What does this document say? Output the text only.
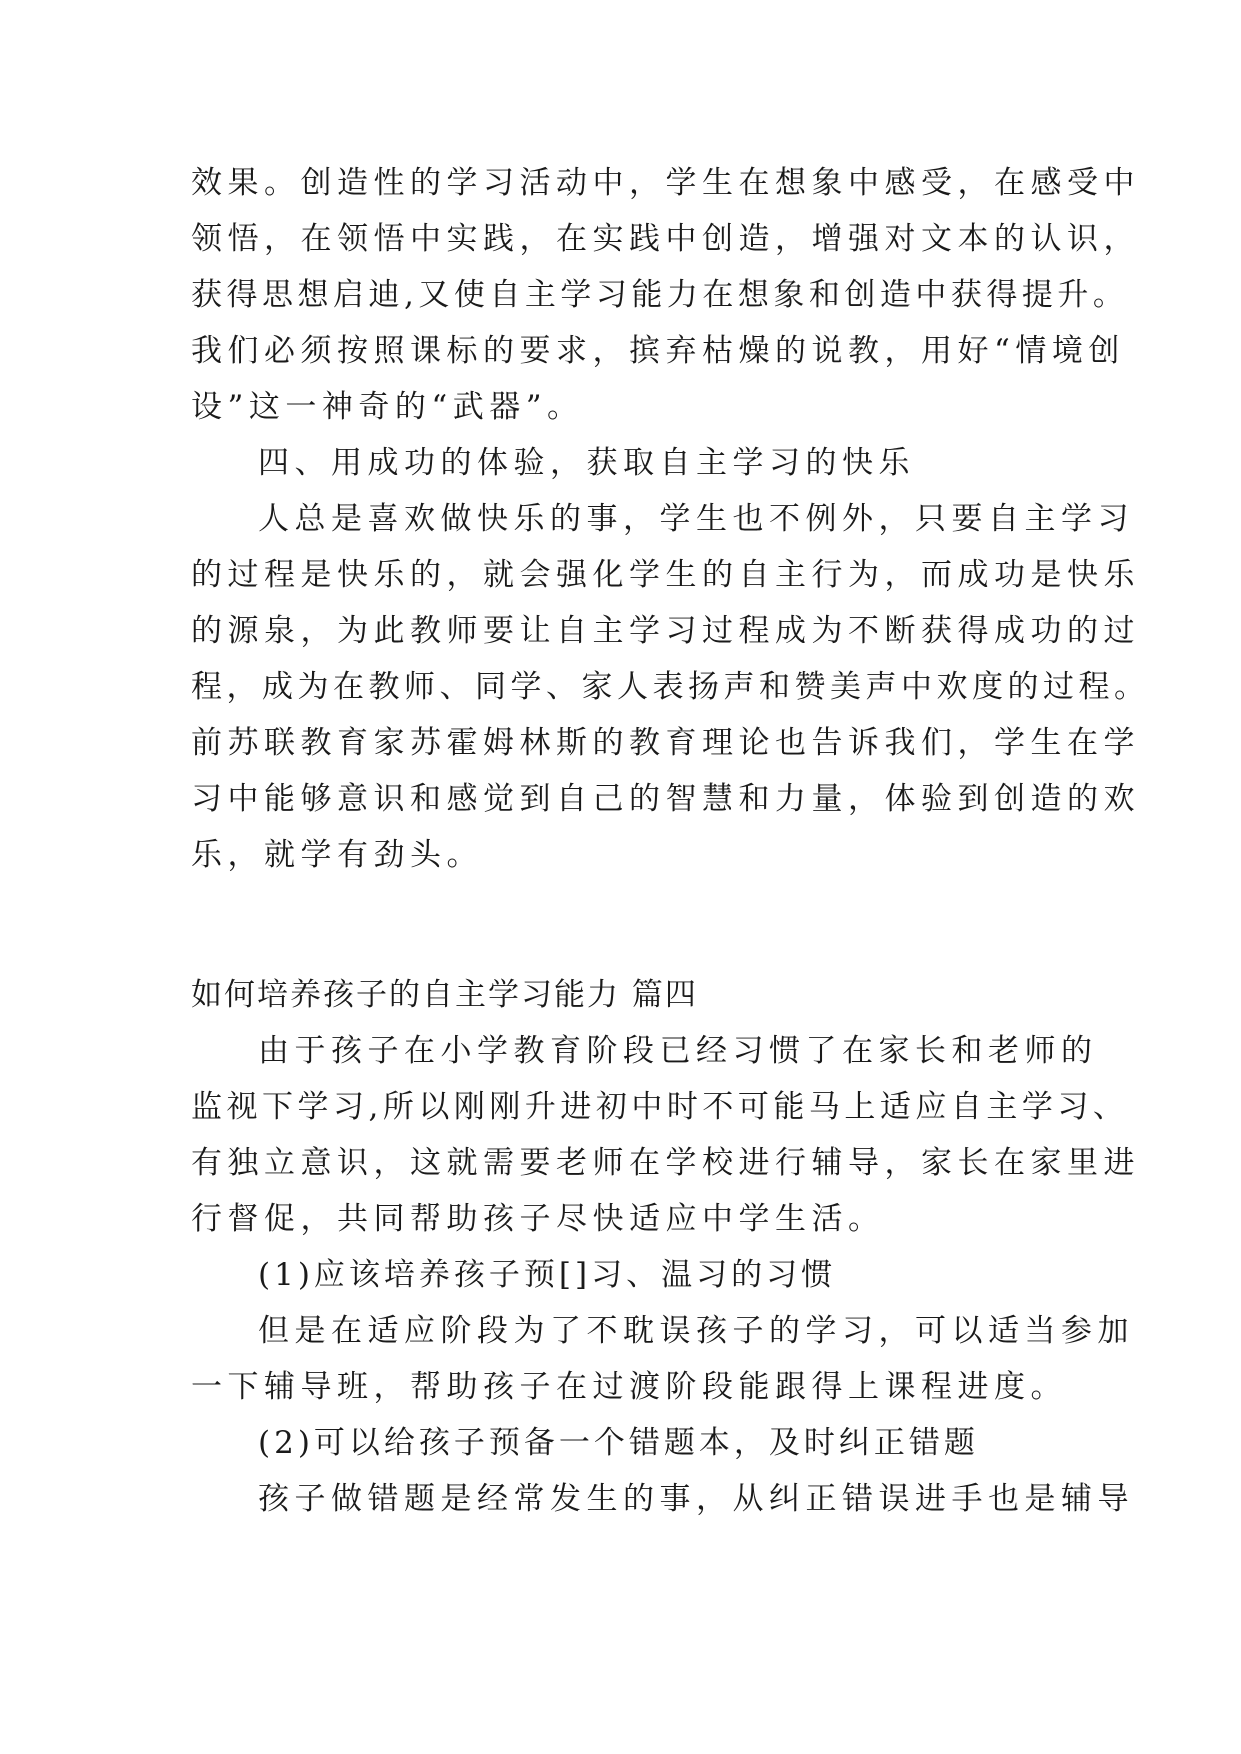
效果。创造性的学习活动中，学生在想象中感受，在感受中
领悟，在领悟中实践，在实践中创造，增强对文本的认识，
获得思想启迪,又使自主学习能力在想象和创造中获得提升。
我们必须按照课标的要求，摈弃枯燥的说教，用好“情境创
设”这一神奇的“武器”。
四、用成功的体验，获取自主学习的快乐
人总是喜欢做快乐的事，学生也不例外，只要自主学习
的过程是快乐的，就会强化学生的自主行为，而成功是快乐
的源泉，为此教师要让自主学习过程成为不断获得成功的过
程，成为在教师、同学、家人表扬声和赞美声中欢度的过程。
前苏联教育家苏霍姆林斯的教育理论也告诉我们，学生在学
习中能够意识和感觉到自己的智慧和力量，体验到创造的欢
乐，就学有劲头。
如何培养孩子的自主学习能力 篇四
由于孩子在小学教育阶段已经习惯了在家长和老师的
监视下学习,所以刚刚升进初中时不可能马上适应自主学习、
有独立意识，这就需要老师在学校进行辅导，家长在家里进
行督促，共同帮助孩子尽快适应中学生活。
(1)应该培养孩子预[]习、温习的习惯
但是在适应阶段为了不耽误孩子的学习，可以适当参加
一下辅导班，帮助孩子在过渡阶段能跟得上课程进度。
(2)可以给孩子预备一个错题本，及时纠正错题
孩子做错题是经常发生的事，从纠正错误进手也是辅导
